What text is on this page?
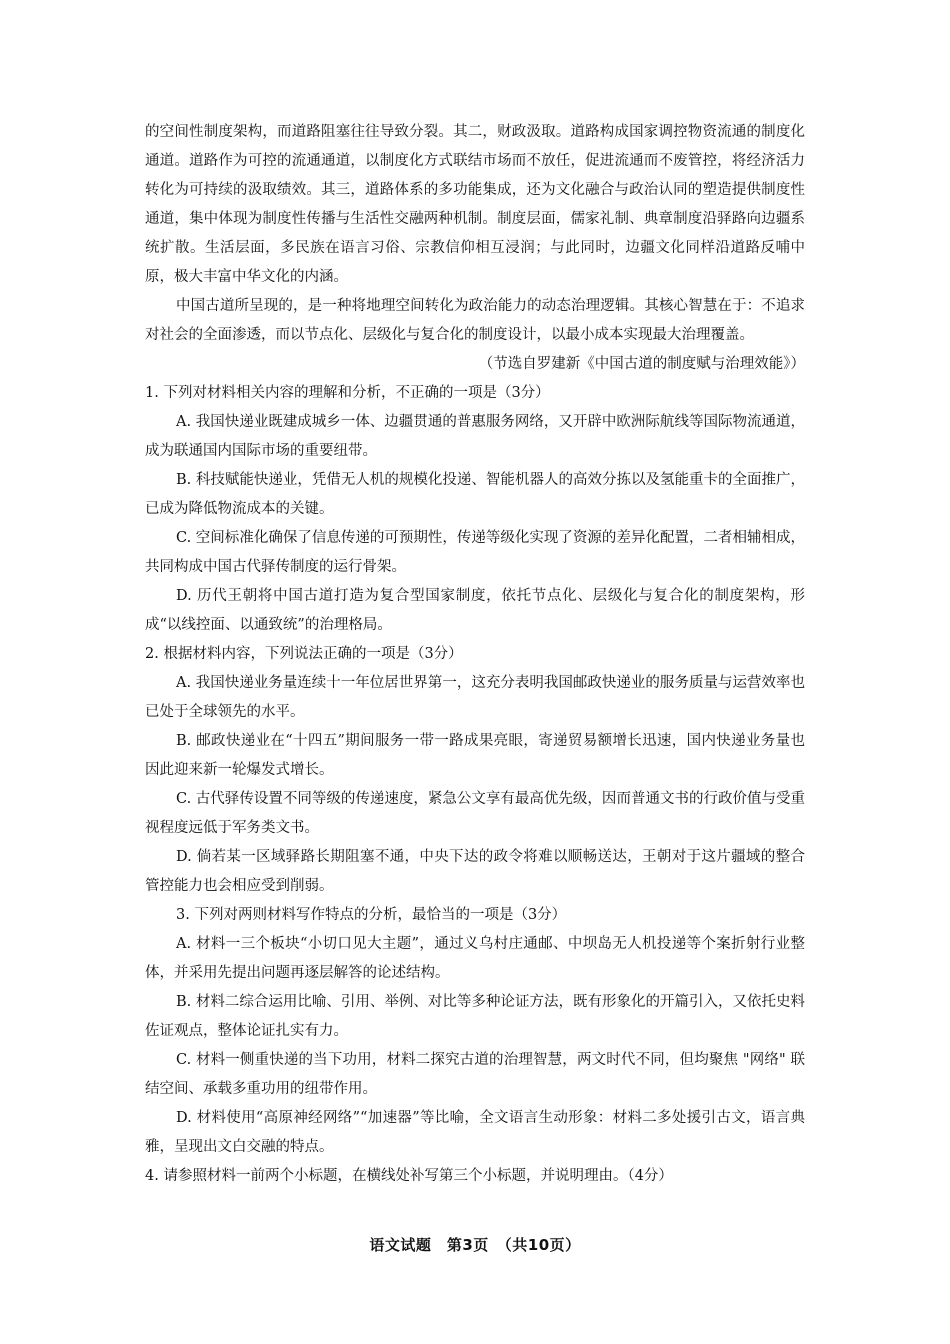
的空间性制度架构，而道路阻塞往往导致分裂。其二，财政汲取。道路构成国家调控物资流通的制度化通道。道路作为可控的流通通道，以制度化方式联结市场而不放任，促进流通而不废管控，将经济活力转化为可持续的汲取绩效。其三，道路体系的多功能集成，还为文化融合与政治认同的塑造提供制度性通道，集中体现为制度性传播与生活性交融两种机制。制度层面，儒家礼制、典章制度沿驿路向边疆系统扩散。生活层面，多民族在语言习俗、宗教信仰相互浸润；与此同时，边疆文化同样沿道路反哺中原，极大丰富中华文化的内涵。

中国古道所呈现的，是一种将地理空间转化为政治能力的动态治理逻辑。其核心智慧在于：不追求对社会的全面渗透，而以节点化、层级化与复合化的制度设计，以最小成本实现最大治理覆盖。

（节选自罗建新《中国古道的制度赋与治理效能》）

1. 下列对材料相关内容的理解和分析，不正确的一项是（3分）

A. 我国快递业既建成城乡一体、边疆贯通的普惠服务网络，又开辟中欧洲际航线等国际物流通道，成为联通国内国际市场的重要纽带。

B. 科技赋能快递业，凭借无人机的规模化投递、智能机器人的高效分拣以及氢能重卡的全面推广，已成为降低物流成本的关键。

C. 空间标准化确保了信息传递的可预期性，传递等级化实现了资源的差异化配置，二者相辅相成，共同构成中国古代驿传制度的运行骨架。

D. 历代王朝将中国古道打造为复合型国家制度，依托节点化、层级化与复合化的制度架构，形成“以线控面、以通致统”的治理格局。

2. 根据材料内容，下列说法正确的一项是（3分）

A. 我国快递业务量连续十一年位居世界第一，这充分表明我国邮政快递业的服务质量与运营效率也已处于全球领先的水平。

B. 邮政快递业在“十四五”期间服务一带一路成果亮眼，寄递贸易额增长迅速，国内快递业务量也因此迎来新一轮爆发式增长。

C. 古代驿传设置不同等级的传递速度，紧急公文享有最高优先级，因而普通文书的行政价值与受重视程度远低于军务类文书。

D. 倘若某一区域驿路长期阻塞不通，中央下达的政令将难以顺畅送达，王朝对于这片疆域的整合管控能力也会相应受到削弱。

3. 下列对两则材料写作特点的分析，最恰当的一项是（3分）

A. 材料一三个板块“小切口见大主题”，通过义乌村庄通邮、中坝岛无人机投递等个案折射行业整体，并采用先提出问题再逐层解答的论述结构。

B. 材料二综合运用比喻、引用、举例、对比等多种论证方法，既有形象化的开篇引入，又依托史料佐证观点，整体论证扎实有力。

C. 材料一侧重快递的当下功用，材料二探究古道的治理智慧，两文时代不同，但均聚焦 "网络" 联结空间、承载多重功用的纽带作用。

D. 材料使用“高原神经网络”“加速器”等比喻，全文语言生动形象：材料二多处援引古文，语言典雅，呈现出文白交融的特点。

4. 请参照材料一前两个小标题，在横线处补写第三个小标题，并说明理由。（4分）

语文试题　第3页　（共10页）
